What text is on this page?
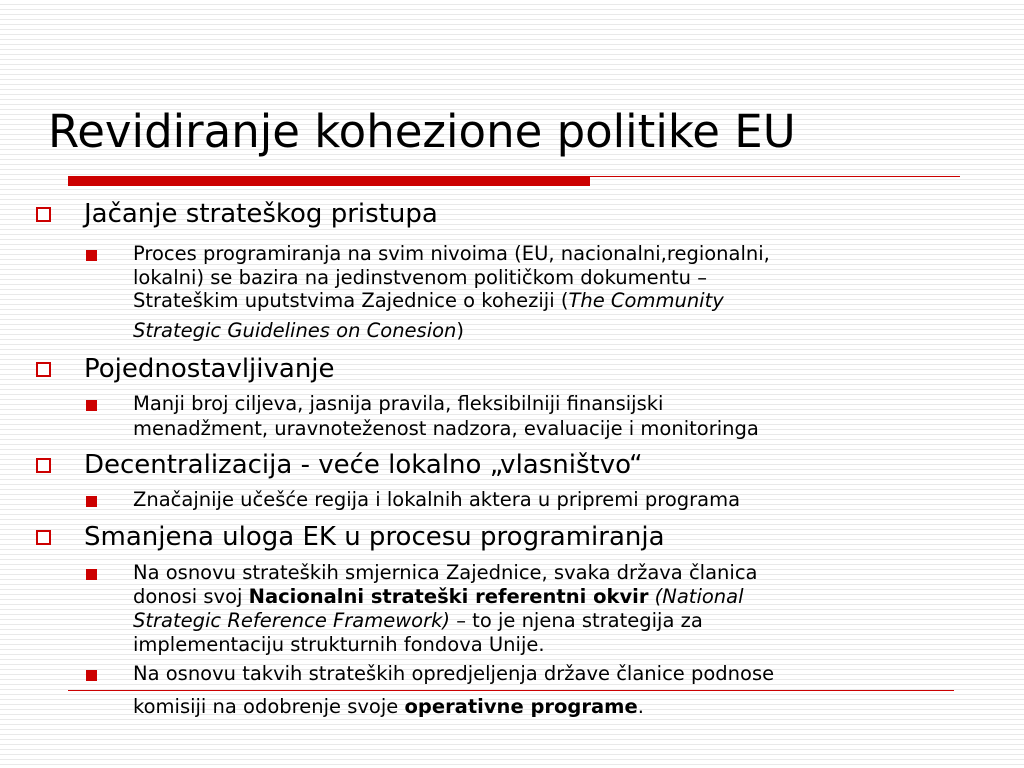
Revidiranje kohezione politike EU
Jačanje strateškog pristupa
Proces programiranja na svim nivoima (EU, nacionalni,regionalni,
lokalni) se bazira na jedinstvenom političkom dokumentu –
Strateškim uputstvima Zajednice o koheziji (The Community
Strategic Guidelines on Conesion)
Pojednostavljivanje
Manji broj ciljeva, jasnija pravila, fleksibilniji finansijski
menadžment, uravnoteženost nadzora, evaluacije i monitoringa
Decentralizacija - veće lokalno „vlasništvo“
Značajnije učešće regija i lokalnih aktera u pripremi programa
Smanjena uloga EK u procesu programiranja
Na osnovu strateških smjernica Zajednice, svaka država članica
donosi svoj Nacionalni strateški referentni okvir (National
Strategic Reference Framework) – to je njena strategija za
implementaciju strukturnih fondova Unije.
Na osnovu takvih strateških opredjeljenja države članice podnose
komisiji na odobrenje svoje operativne programe.
